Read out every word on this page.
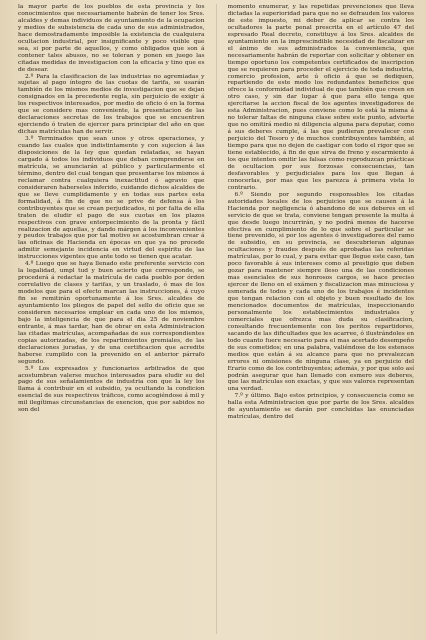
la mayor parte de los pueblos de esta provincia y los conocimientos que necesariamente habrán de tener los Sres. alcaldes y demas individuos de ayuntamiento de la ocupacion y medios de subsistencia de cada uno de sus administrados, hace demostradamente imposible la existencia de cualquiera ocultacion industrial, por insignificante y poco visible que sea, si por parte de aquellos, y como obligados que son á contener tales abusos, no se toleran y ponen en juego las citadas medidas de investigacion con la eficacia y tino que es de desear.

2.º Para la clasificacion de las industrias no agremiadas y sujetas al pago íntegro de las cuotas de tarifa, se usarán también de los mismos medios de investigacion que se dejan consignados en la precedente regla, sin perjuicio de exigir á los respectivos interesados, por medio de oficio ó en la forma que se considere mas conveniente, la presentacion de las declaraciones secretas de los trabajos que se encuentren ejerciendo ó traten de ejercer para principiar del año en que dichas matrículas han de servir.

3.º Terminados que sean unos y otros operaciones, y cuando las cuales que indistintamente y con sujecion á las disposiciones de la ley que quedan relatadas, se hayan cargado á todos los individuos que deban comprenderse en matrícula, se anunciarán al público y particularmente el término, dentro del cual tengan que presentarse los mismos á reclamar contra cualquiera inexactitud ó agravio que consideraren haberseles inferido, cuidando dichos alcaldes de que se lleve cumplidamente y en todas sus partes esta formalidad, á fin de que no se prive de defensa á los contribuyentes que se crean perjudicados, ni por falta de ella traten de eludir el pago de sus cuotas en los plazos respectivos con grave entorpecimiento de la pronta y fácil realizacion de aquellas, y dando márgen á los inconvenientes y peudos trabajos que por tal motivo se acostumbran crear á las oficinas de Hacienda en épocas en que ya no procede admitir semejante incidencia en virtud del espíritu de las instrucciones vigentes que ante todo se tienen que acatar.

4.º Luego que se haya llenado este preferente servicio con la legalidad, umpl tud y buen acierto que corresponde, se procederá á redactar la matrícula de cada pueblo por órden correlativo de clases y tarifas, y un traslado, ó mas de los modelos que para el efecto marcan las instrucciones, á cuyo fin se remitirán oportunamente á los Sres. alcaldes de ayuntamiento los pliegos de papel del sello de oficio que se consideren necesarios emplear en cada uno de los mismos, bajo la inteligencia de que para el dia 25 de noviembre entrante, á mas tardar, han de obrar en esta Administracion las citadas matrículas, acompañadas de sus correspondientes copias autorizadas, de los repartimientos gremiales, de las declaraciones juradas, y de una certificacion que acredite haberse cumplido con la prevenido en el anterior párrafo segundo.

5.º Los expresados y funcionarios arbitrados de que acostumbran valerse muchos interesados para eludir su del pago de sus señalamientos de industria con que la ley los llama á contribuir en el subsidio, ya ocultando la condicion esencial de sus respectivos tráficos, como acogiéndose á mil y mil ilegítimas circunstancias de exencion, que por sabidos no son del

momento enumerar, y las repetidas prevenciones que lleva dictadas la superioridad para que no se defrauden los valores de este impuesto, mi deber de aplicar se contra los ocultadores la parte penal prescrita en el artículo 47 del espresado Real decreto, constituye á los Sres. alcaldes de ayuntamiento en la imprescindible necesidad de fiscalizar en el ánimo de sus administrados la conveniencia, que necesariamente habrán de reportar con solicitar y obtener en tiempo oportuno los competentes certificados de inscripcion que se requieren para proceder el ejercicio de toda industria, comercio profesion, arte ú oficio á que se dediquen, repartiendo de este modo los redundantes beneficios que ofrece la conformidad individual de que también que creen en otro caso, y sin dar lugar á que para ello tenga que ejercitarse la accion fiscal de los agentes investigadores de esta Administracion, pues conviene como lo está la misma á no tolerar faltas de ninguna clase sobre este punto, advierte que no omitirá medio ni diligencia alguna para deputar, como á sus deberes cumple, á las que pudieran prevalecer con perjuicio del Tesoro y de muchos contribuyentes también, al tiempo para que no dejen de castigar con todo el rigor que se tiene establecido, á fin de que sirva de freno y escarmiento á los que intenten omitir las falsas como reproduzcan prácticas de ocultacion por sus forzosas consecuencias, tan desfavorables y perjudiciales para los que llegan á conocerlas, por mas que les parezca á primera vista lo contrario.

6.º Siendo por segundo responsables los citadas autoridades locales de los perjuicios que se causen á la Hacienda por negligencia ó abandono de sus deberes en el servicio de que se trata, conviene tengan presente la multa á que desde luego incurrirán, y no podrá menos de hacerse efectiva en cumplimiento de lo que sobre el particular se tiene prevenido, si por los agentes ó investigadores del ramo de subsidio, en su provincia, se descubrieran algunas ocultaciones y fraudes después de aprobadas las referidas matrículas, por lo cual, y para evitar que llegue este caso, tan poco favorable á sus intereses como al prestigio que deben gozar para mantener siempre ileso una de las condiciones mas esenciales de sus honrosos cargos, se hace preciso ejercer de lleno en el exámen y fiscalizacion mas minuciosa y esmerada de todos y cada uno de los trabajos é incidentes que tengan relacion con el objeto y buen resultado de los mencionados documentos de matrículas, inspeccionando personalmente los establecimientos industriales y comerciales que ofrezca mas duda su clasificacion, consultando frecuentemente con los peritos repartidores, sacando de las dificultades que les acarree, ó ilustrándoles en todo cuanto fuere necesario para el mas acertado desempeño de sus cometidos; en una palabra, valiéndose de los estensos medios que están á su alcance para que no prevalezcan errores ni omisiones de ninguna clase, ya en perjuicio del Erario como de los contribuyentes; además, y por que solo así podrán asegurar que han llenado con esmero sus deberes, que las matrículas son exactas, y que sus valores representan una verdad.

7.º y último. Bajo estos principios, y consecuencia como se halla esta Administracion que por parte de los Sres. alcaldes de ayuntamiento se darán por concluidas las enunciadas matrículas, dentro del
